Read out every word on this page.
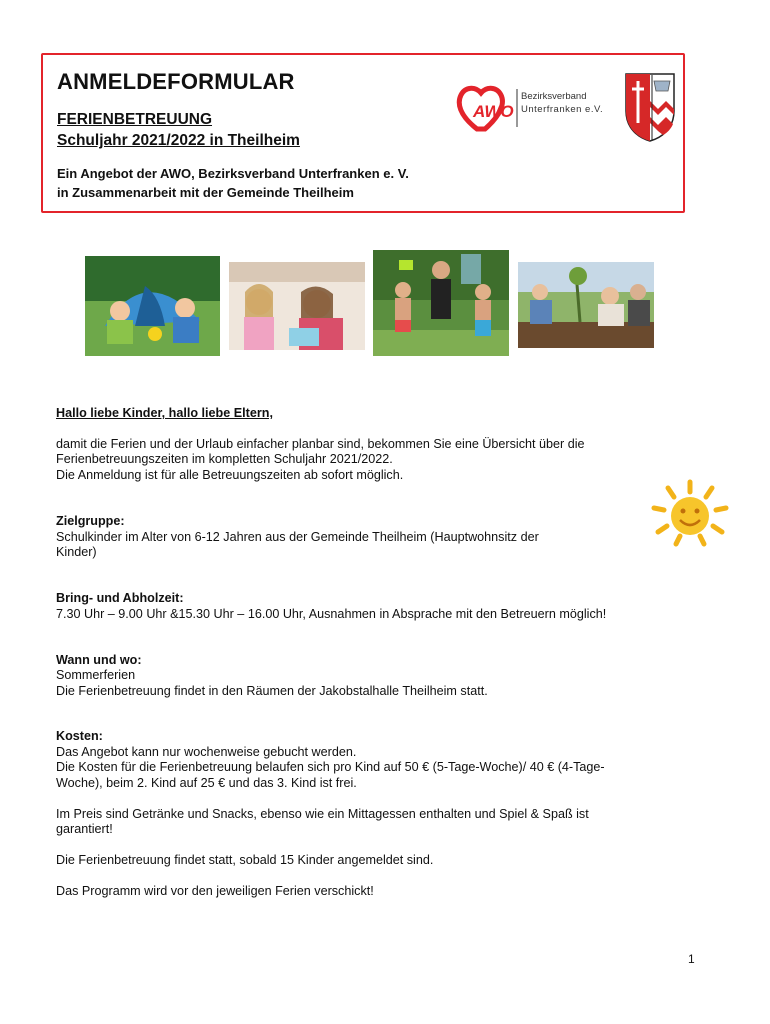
ANMELDEFORMULAR
FERIENBETREUUNG
Schuljahr 2021/2022 in Theilheim
Ein Angebot der AWO, Bezirksverband Unterfranken e. V.
in Zusammenarbeit mit der Gemeinde Theilheim
AWO
Bezirksverband
Unterfranken e.V.
Hallo liebe Kinder, hallo liebe Eltern,
damit die Ferien und der Urlaub einfacher planbar sind, bekommen Sie eine Übersicht über die
Ferienbetreuungszeiten im kompletten Schuljahr 2021/2022.
Die Anmeldung ist für alle Betreuungszeiten ab sofort möglich.
Zielgruppe:
Schulkinder im Alter von 6-12 Jahren aus der Gemeinde Theilheim (Hauptwohnsitz der
Kinder)
Bring- und Abholzeit:
7.30 Uhr – 9.00 Uhr &15.30 Uhr – 16.00 Uhr, Ausnahmen in Absprache mit den Betreuern möglich!
Wann und wo:
Sommerferien
Die Ferienbetreuung findet in den Räumen der Jakobstalhalle Theilheim statt.
Kosten:
Das Angebot kann nur wochenweise gebucht werden.
Die Kosten für die Ferienbetreuung belaufen sich pro Kind auf 50 € (5-Tage-Woche)/ 40 € (4-Tage-
Woche), beim 2. Kind auf 25 € und das 3. Kind ist frei.
Im Preis sind Getränke und Snacks, ebenso wie ein Mittagessen enthalten und Spiel & Spaß ist
garantiert!
Die Ferienbetreuung findet statt, sobald 15 Kinder angemeldet sind.
Das Programm wird vor den jeweiligen Ferien verschickt!
1
